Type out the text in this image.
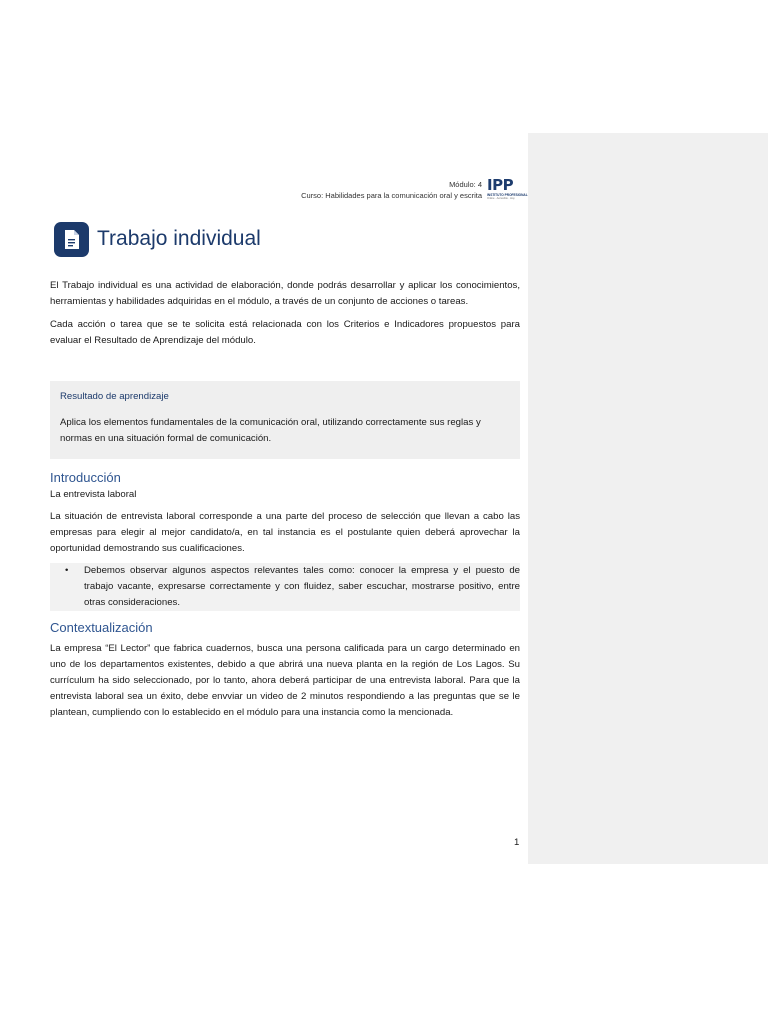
Módulo: 4
Curso: Habilidades para la comunicación oral y escrita
IPP
INSTITUTO PROFESIONAL
Online · Accesible · Hoy
Trabajo individual

El Trabajo individual es una actividad de elaboración, donde podrás desarrollar y aplicar los conocimientos, herramientas y habilidades adquiridas en el módulo, a través de un conjunto de acciones o tareas.

Cada acción o tarea que se te solicita está relacionada con los Criterios e Indicadores propuestos para evaluar el Resultado de Aprendizaje del módulo.

Resultado de aprendizaje

Aplica los elementos fundamentales de la comunicación oral, utilizando correctamente sus reglas y normas en una situación formal de comunicación.

Introducción

La entrevista laboral

La situación de entrevista laboral corresponde a una parte del proceso de selección que llevan a cabo las empresas para elegir al mejor candidato/a, en tal instancia es el postulante quien deberá aprovechar la oportunidad demostrando sus cualificaciones.

• Debemos observar algunos aspectos relevantes tales como: conocer la empresa y el puesto de trabajo vacante, expresarse correctamente y con fluidez, saber escuchar, mostrarse positivo, entre otras consideraciones.
Contextualización

La empresa “El Lector” que fabrica cuadernos, busca una persona calificada para un cargo determinado en uno de los departamentos existentes, debido a que abrirá una nueva planta en la región de Los Lagos. Su currículum ha sido seleccionado, por lo tanto, ahora deberá participar de una entrevista laboral. Para que la entrevista laboral sea un éxito, debe envviar un video de 2 minutos respondiendo a las preguntas que se le plantean, cumpliendo con lo establecido en el módulo para una instancia como la mencionada.

1
